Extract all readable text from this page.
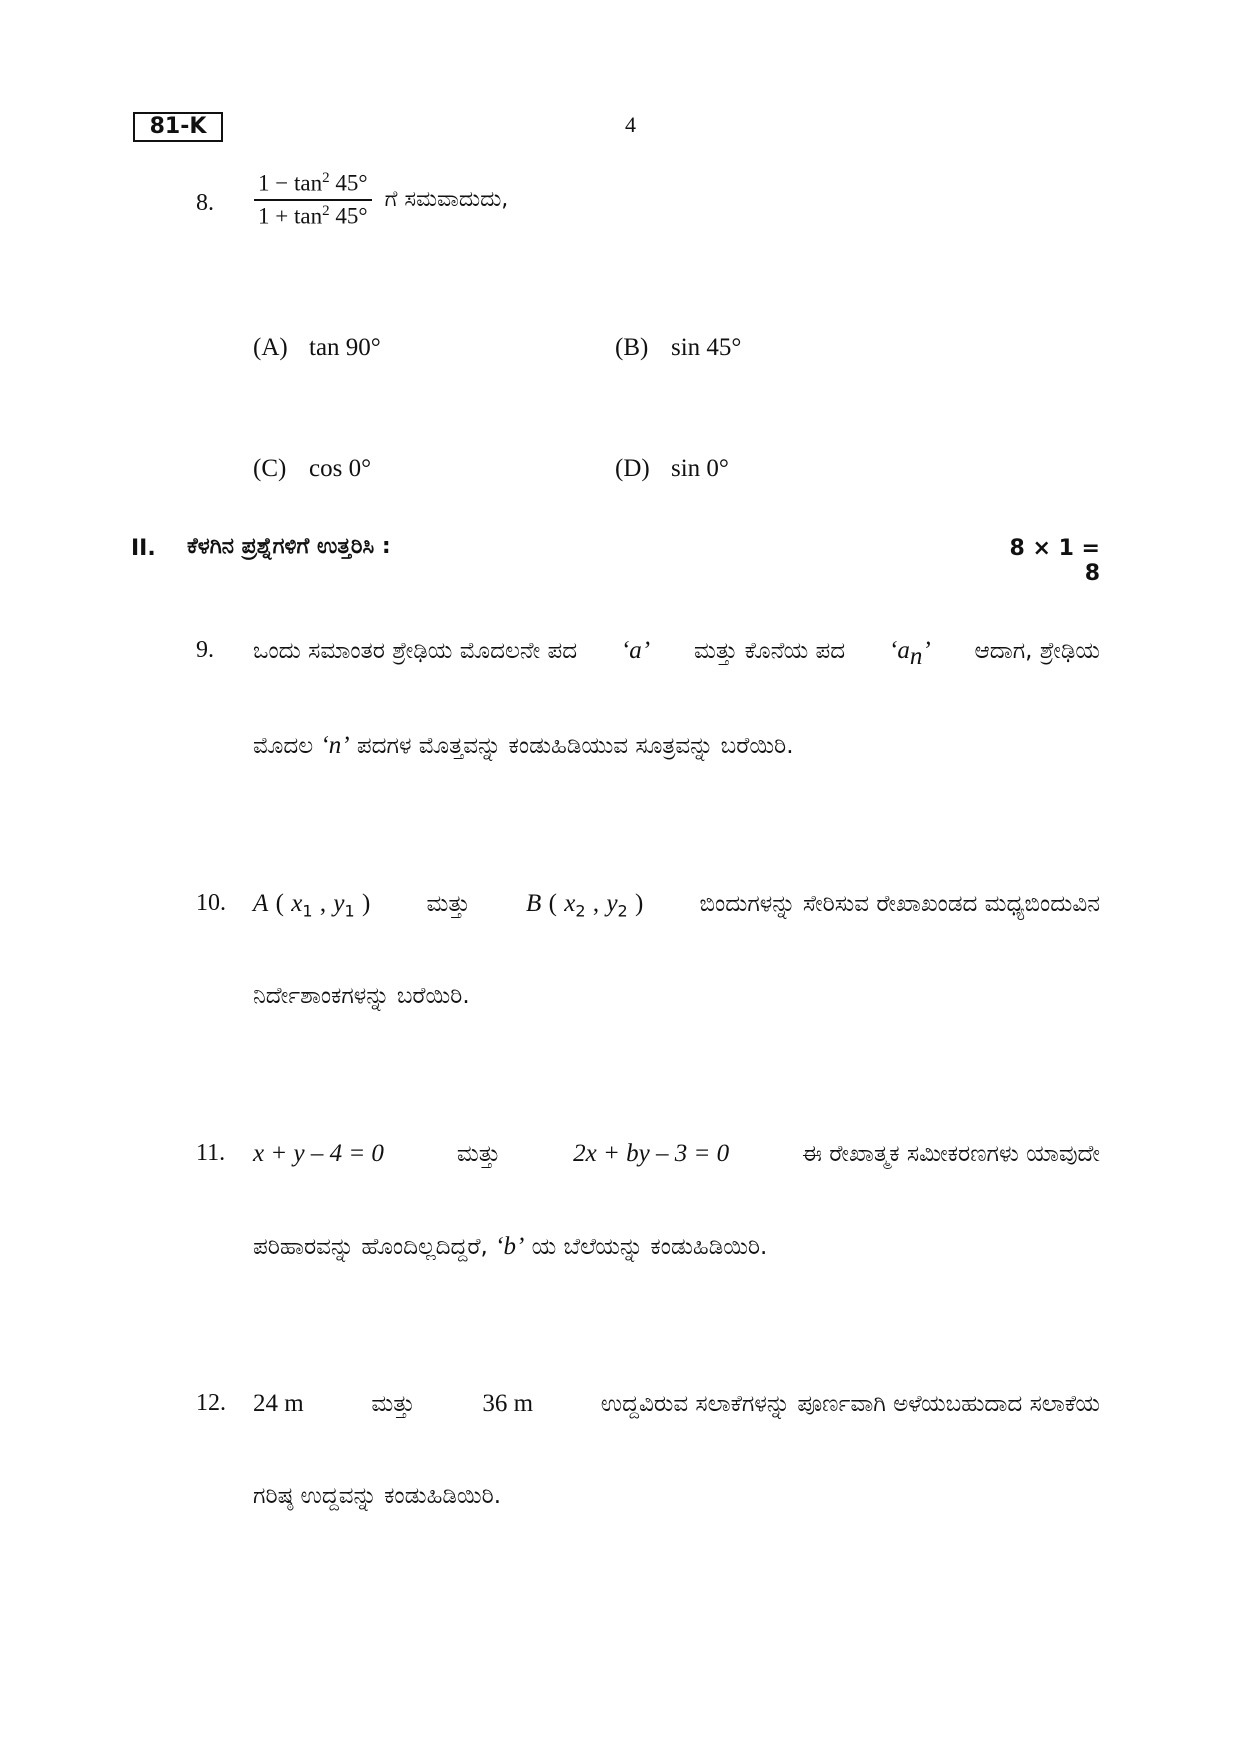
81-K	4
8. $\frac{1 - \tan^2 45^\circ}{1 + \tan^2 45^\circ}$ ಗೆ ಸಮವಾದುದು,
(A) tan 90°	(B) sin 45°
(C) cos 0°	(D) sin 0°
II. ಕೆಳಗಿನ ಪ್ರಶ್ನೆಗಳಿಗೆ ಉತ್ತರಿಸಿ :	8 × 1 = 8
9. ಒಂದು ಸಮಾಂತರ ಶ್ರೇಢಿಯ ಮೊದಲನೇ ಪದ ‘a’ ಮತ್ತು ಕೊನೆಯ ಪದ ‘$a_n$’ ಆದಾಗ, ಶ್ರೇಢಿಯ
ಮೊದಲ ‘n’ ಪದಗಳ ಮೊತ್ತವನ್ನು ಕಂಡುಹಿಡಿಯುವ ಸೂತ್ರವನ್ನು ಬರೆಯಿರಿ.
10. A ( $x_1$ , $y_1$ ) ಮತ್ತು B ( $x_2$ , $y_2$ ) ಬಿಂದುಗಳನ್ನು ಸೇರಿಸುವ ರೇಖಾಖಂಡದ ಮಧ್ಯಬಿಂದುವಿನ
ನಿರ್ದೇಶಾಂಕಗಳನ್ನು ಬರೆಯಿರಿ.
11. x + y – 4 = 0	ಮತ್ತು	2x + by – 3 = 0	ಈ ರೇಖಾತ್ಮಕ ಸಮೀಕರಣಗಳು ಯಾವುದೇ
ಪರಿಹಾರವನ್ನು ಹೊಂದಿಲ್ಲದಿದ್ದರೆ, ‘b’ ಯ ಬೆಲೆಯನ್ನು ಕಂಡುಹಿಡಿಯಿರಿ.
12. 24 m	ಮತ್ತು	36 m	ಉದ್ದವಿರುವ ಸಲಾಕೆಗಳನ್ನು ಪೂರ್ಣವಾಗಿ ಅಳೆಯಬಹುದಾದ ಸಲಾಕೆಯ
ಗರಿಷ್ಠ ಉದ್ದವನ್ನು ಕಂಡುಹಿಡಿಯಿರಿ.
